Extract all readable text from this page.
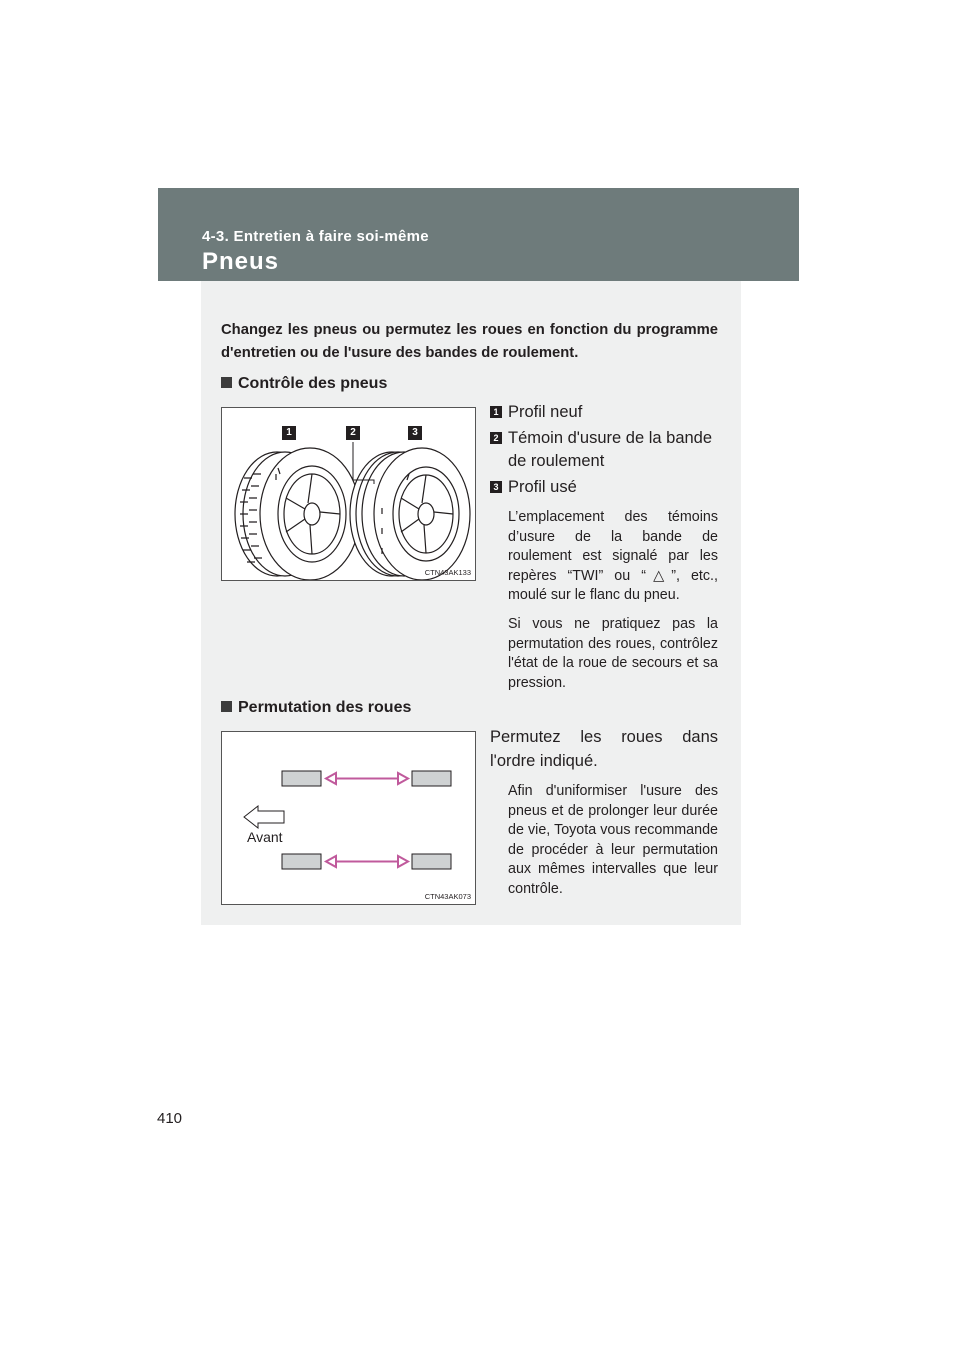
4-3. Entretien à faire soi-même
Pneus
Changez les pneus ou permutez les roues en fonction du programme d'entretien ou de l'usure des bandes de roulement.
Contrôle des pneus
1	2	3
CTN43AK133
1 Profil neuf
2 Témoin d'usure de la bande de roulement
3 Profil usé
L’emplacement des témoins d’usure de la bande de roulement est signalé par les repères “TWI” ou “△”, etc., moulé sur le flanc du pneu.
Si vous ne pratiquez pas la permutation des roues, contrôlez l'état de la roue de secours et sa pression.
Permutation des roues
Avant
CTN43AK073
Permutez les roues dans l'ordre indiqué.
Afin d'uniformiser l'usure des pneus et de prolonger leur durée de vie, Toyota vous recommande de procéder à leur permutation aux mêmes intervalles que leur contrôle.
410
